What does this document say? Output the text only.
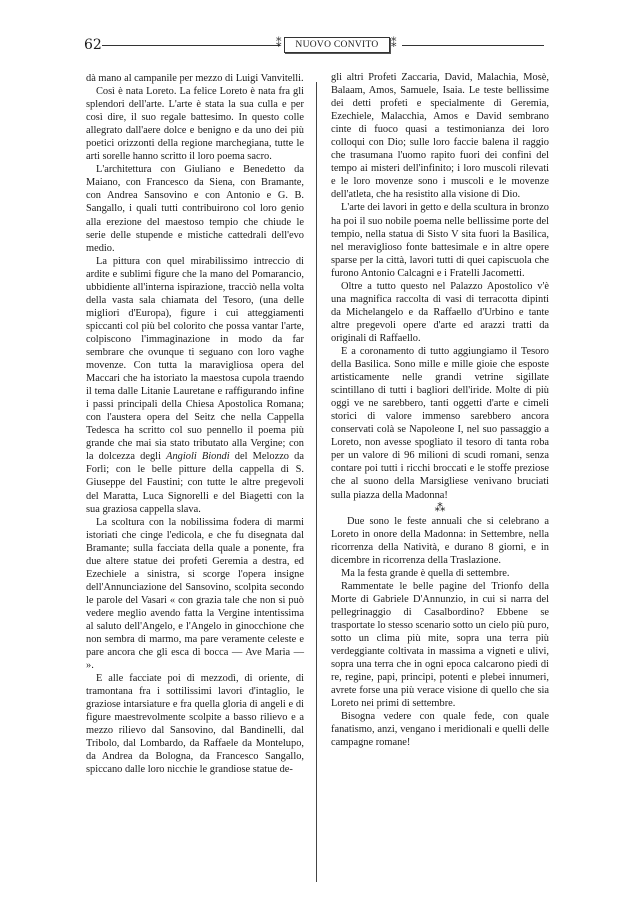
62	⁑	NUOVO CONVITO	⁑

dà mano al campanile per mezzo di Luigi Vanvitelli.

Così è nata Loreto. La felice Loreto è nata fra gli splendori dell'arte. L'arte è stata la sua culla e per così dire, il suo regale battesimo. In questo colle allegrato dall'aere dolce e benigno e da uno dei più poetici orizzonti della regione marchegiana, tutte le arti sorelle hanno scritto il loro poema sacro.

L'architettura con Giuliano e Benedetto da Maiano, con Francesco da Siena, con Bramante, con Andrea Sansovino e con Antonio e G. B. Sangallo, i quali tutti contribuirono col loro genio alla erezione del maestoso tempio che chiude le serie delle stupende e mistiche cattedrali dell'evo medio.

La pittura con quel mirabilissimo intreccio di ardite e sublimi figure che la mano del Pomarancio, ubbidiente all'interna ispirazione, tracciò nella volta della vasta sala chiamata del Tesoro, (una delle migliori d'Europa), figure i cui atteggiamenti spiccanti col più bel colorito che possa vantar l'arte, colpiscono l'immaginazione in modo da far sembrare che ovunque ti seguano con loro vaghe movenze. Con tutta la maravigliosa opera del Maccari che ha istoriato la maestosa cupola traendo il tema dalle Litanie Lauretane e raffigurando infine i passi principali della Chiesa Apostolica Romana; con l'austera opera del Seitz che nella Cappella Tedesca ha scritto col suo pennello il poema più grande che mai sia stato tributato alla Vergine; con la dolcezza degli Angioli Biondi del Melozzo da Forlì; con le belle pitture della cappella di S. Giuseppe del Faustini; con tutte le altre pregevoli del Maratta, Luca Signorelli e del Biagetti con la sua graziosa cappella slava.

La scoltura con la nobilissima fodera di marmi istoriati che cinge l'edicola, e che fu disegnata dal Bramante; sulla facciata della quale a ponente, fra due altere statue dei profeti Geremia a destra, ed Ezechiele a sinistra, si scorge l'opera insigne dell'Annunciazione del Sansovino, scolpita secondo le parole del Vasari « con grazia tale che non si può vedere meglio avendo fatta la Vergine intentissima al saluto dell'Angelo, e l'Angelo in ginocchione che non sembra di marmo, ma pare veramente celeste e pare ancora che gli esca di bocca — Ave Maria — ».

E alle facciate poi di mezzodì, di oriente, di tramontana fra i sottilissimi lavori d'intaglio, le graziose intarsiature e fra quella gloria di angeli e di figure maestrevolmente scolpite a basso rilievo e a mezzo rilievo dal Sansovino, dal Bandinelli, dal Tribolo, dal Lombardo, da Raffaele da Montelupo, da Andrea da Bologna, da Francesco Sangallo, spiccano dalle loro nicchie le grandiose statue de-

gli altri Profeti Zaccaria, David, Malachia, Mosè, Balaam, Amos, Samuele, Isaia. Le teste bellissime dei detti profeti e specialmente di Geremia, Ezechiele, Malacchia, Amos e David sembrano cinte di fuoco quasi a testimonianza dei loro colloqui con Dio; sulle loro faccie balena il raggio che trasumana l'uomo rapito fuori dei confini del tempo ai misteri dell'infinito; i loro muscoli rilevati e le loro movenze sono i muscoli e le movenze dell'atleta, che ha resistito alla visione di Dio.

L'arte dei lavori in getto e della scultura in bronzo ha poi il suo nobile poema nelle bellissime porte del tempio, nella statua di Sisto V sita fuori la Basilica, nel meraviglioso fonte battesimale e in altre opere sparse per la città, lavori tutti di quei capiscuola che furono Antonio Calcagni e i Fratelli Jacometti.

Oltre a tutto questo nel Palazzo Apostolico v'è una magnifica raccolta di vasi di terracotta dipinti da Michelangelo e da Raffaello d'Urbino e tante altre pregevoli opere d'arte ed arazzi tratti da originali di Raffaello.

E a coronamento di tutto aggiungiamo il Tesoro della Basilica. Sono mille e mille gioie che esposte artisticamente nelle grandi vetrine sigillate scintillano di tutti i bagliori dell'iride. Molte di più oggi ve ne sarebbero, tanti oggetti d'arte e cimeli storici di valore immenso sarebbero ancora conservati colà se Napoleone I, nel suo passaggio a Loreto, non avesse spogliato il tesoro di tanta roba per un valore di 96 milioni di scudi romani, senza contare poi tutti i ricchi broccati e le stoffe preziose che al suono della Marsigliese venivano bruciati sulla piazza della Madonna!

⁂

Due sono le feste annuali che si celebrano a Loreto in onore della Madonna: in Settembre, nella ricorrenza della Natività, e durano 8 giorni, e in dicembre in ricorrenza della Traslazione.

Ma la festa grande è quella di settembre.

Rammentate le belle pagine del Trionfo della Morte di Gabriele D'Annunzio, in cui si narra del pellegrinaggio di Casalbordino? Ebbene se trasportate lo stesso scenario sotto un cielo più puro, sotto un clima più mite, sopra una terra più verdeggiante coltivata in massima a vigneti e ulivi, sopra una terra che in ogni epoca calcarono piedi di re, regine, papi, principi, potenti e plebei innumeri, avrete forse una più verace visione di quello che sia Loreto nei primi di settembre.

Bisogna vedere con quale fede, con quale fanatismo, anzi, vengano i meridionali e quelli delle campagne romane!
